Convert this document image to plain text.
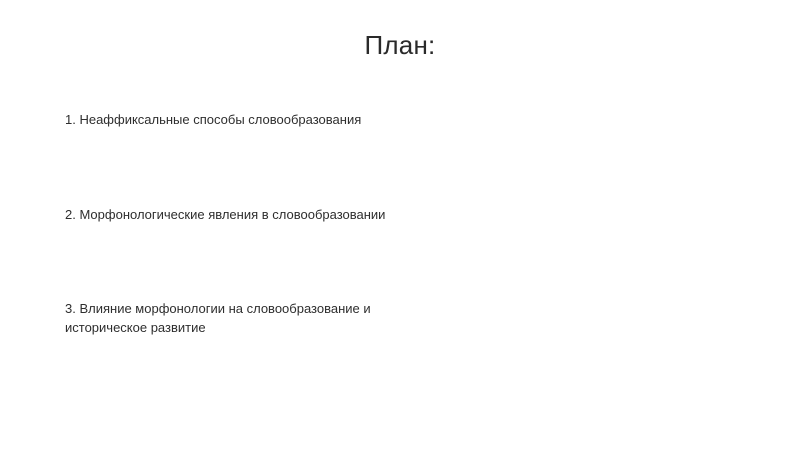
План:
1. Неаффиксальные способы словообразования
2. Морфонологические явления в словообразовании
3. Влияние морфонологии на словообразование и историческое развитие
